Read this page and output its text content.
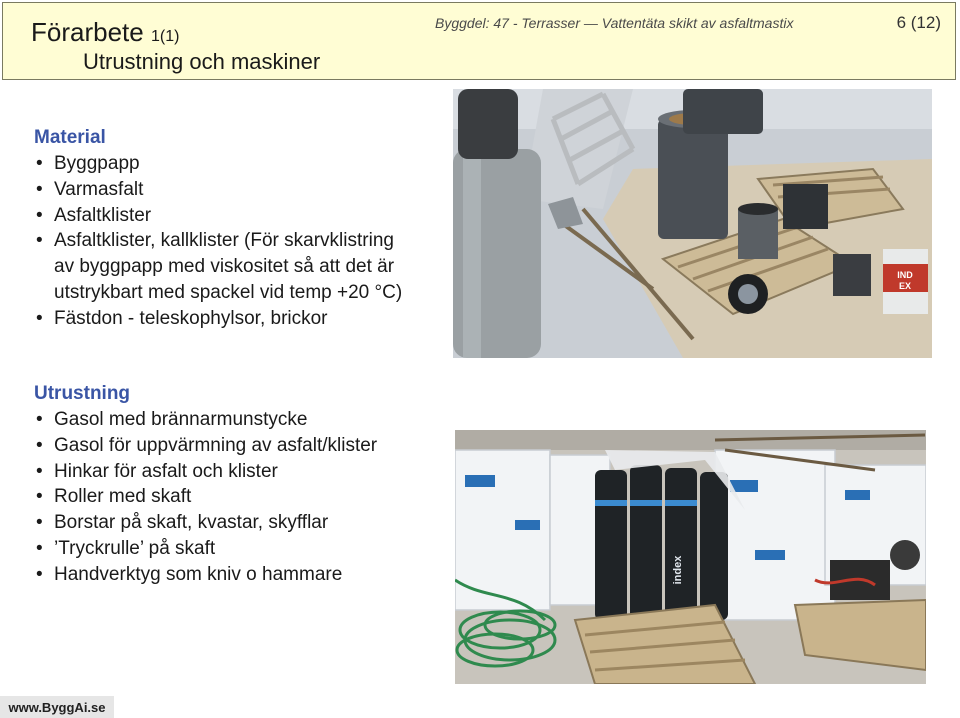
Förarbete 1(1)
Utrustning och maskiner
Byggdel: 47 - Terrasser — Vattentäta skikt av asfaltmastix	6 (12)
Material
• Byggpapp
• Varmasfalt
• Asfaltklister
• Asfaltklister, kallklister (För skarvklistring
av byggpapp med viskositet så att det är
utstrykbart med spackel vid temp +20 °C)
• Fästdon - teleskophylsor, brickor
Utrustning
• Gasol med brännarmunstycke
• Gasol för uppvärmning av asfalt/klister
• Hinkar för asfalt och klister
• Roller med skaft
• Borstar på skaft, kvastar, skyfflar
• ’Tryckrulle’ på skaft
• Handverktyg som kniv o hammare
IND
EX
index
www.ByggAi.se
